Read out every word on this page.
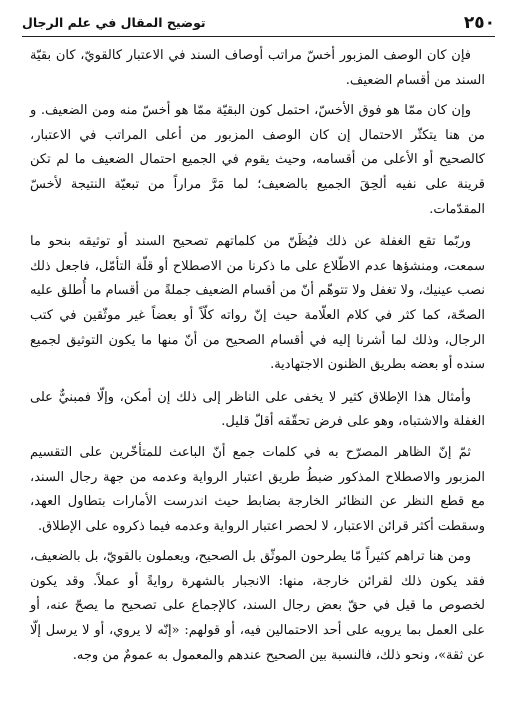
٢٥٠
توضيح المقال في علم الرجال

فإن كان الوصف المزبور أخسّ مراتب أوصاف السند في الاعتبار كالقويّ، كان بقيّة السند من أقسام الضعيف.

وإن كان ممّا هو فوق الأخسّ، احتمل كون البقيّة ممّا هو أخسّ منه ومن الضعيف. و من هنا يتكثّر الاحتمال إن كان الوصف المزبور من أعلى المراتب في الاعتبار، كالصحيح أو الأعلى من أقسامه، وحيث يقوم في الجميع احتمال الضعيف ما لم تكن قرينة على نفيه ألحِقَ الجميع بالضعيف؛ لما مَرَّ مراراً من تبعيّة النتيجة لأخسّ المقدّمات.

وربّما تقع الغفلة عن ذلك فيُظَنّ من كلماتهم تصحيح السند أو توثيقه بنحو ما سمعت، ومنشؤها عدم الاطّلاع على ما ذكرنا من الاصطلاح أو قلّة التأمّل، فاجعل ذلك نصب عينيك، ولا تغفل ولا تتوهّم أنّ من أقسام الضعيف جملةً من أقسام ما أُطلق عليه الصحّة، كما كثر في كلام العلّامة حيث إنّ رواته كلّاً أو بعضاً غير موثّقين في كتب الرجال، وذلك لما أشرنا إليه في أقسام الصحيح من أنّ منها ما يكون التوثيق لجميع سنده أو بعضه بطريق الظنون الاجتهادية.

وأمثال هذا الإطلاق كثير لا يخفى على الناظر إلى ذلك إن أمكن، وإلّا فمبنيٌّ على الغفلة والاشتباه، وهو على فرض تحقّقه أقلّ قليل.

ثمّ إنّ الظاهر المصرّح به في كلمات جمع أنّ الباعث للمتأخّرين على التقسيم المزبور والاصطلاح المذكور ضبطُ طريق اعتبار الرواية وعدمه من جهة رجال السند، مع قطع النظر عن النظائر الخارجة بضابط حيث اندرست الأمارات بتطاول العهد، وسقطت أكثر قرائن الاعتبار، لا لحصر اعتبار الرواية وعدمه فيما ذكروه على الإطلاق.

ومن هنا تراهم كثيراً مّا يطرحون الموثّق بل الصحيح، ويعملون بالقويّ، بل بالضعيف، فقد يكون ذلك لقرائن خارجة، منها: الانجبار بالشهرة روايةً أو عملاً. وقد يكون لخصوص ما قيل في حقّ بعض رجال السند، كالإجماع على تصحيح ما يصحّ عنه، أو على العمل بما يرويه على أحد الاحتمالين فيه، أو قولهم: «إنّه لا يروي، أو لا يرسل إلّا عن ثقة»، ونحو ذلك، فالنسبة بين الصحيح عندهم والمعمول به عمومٌ من وجه.
